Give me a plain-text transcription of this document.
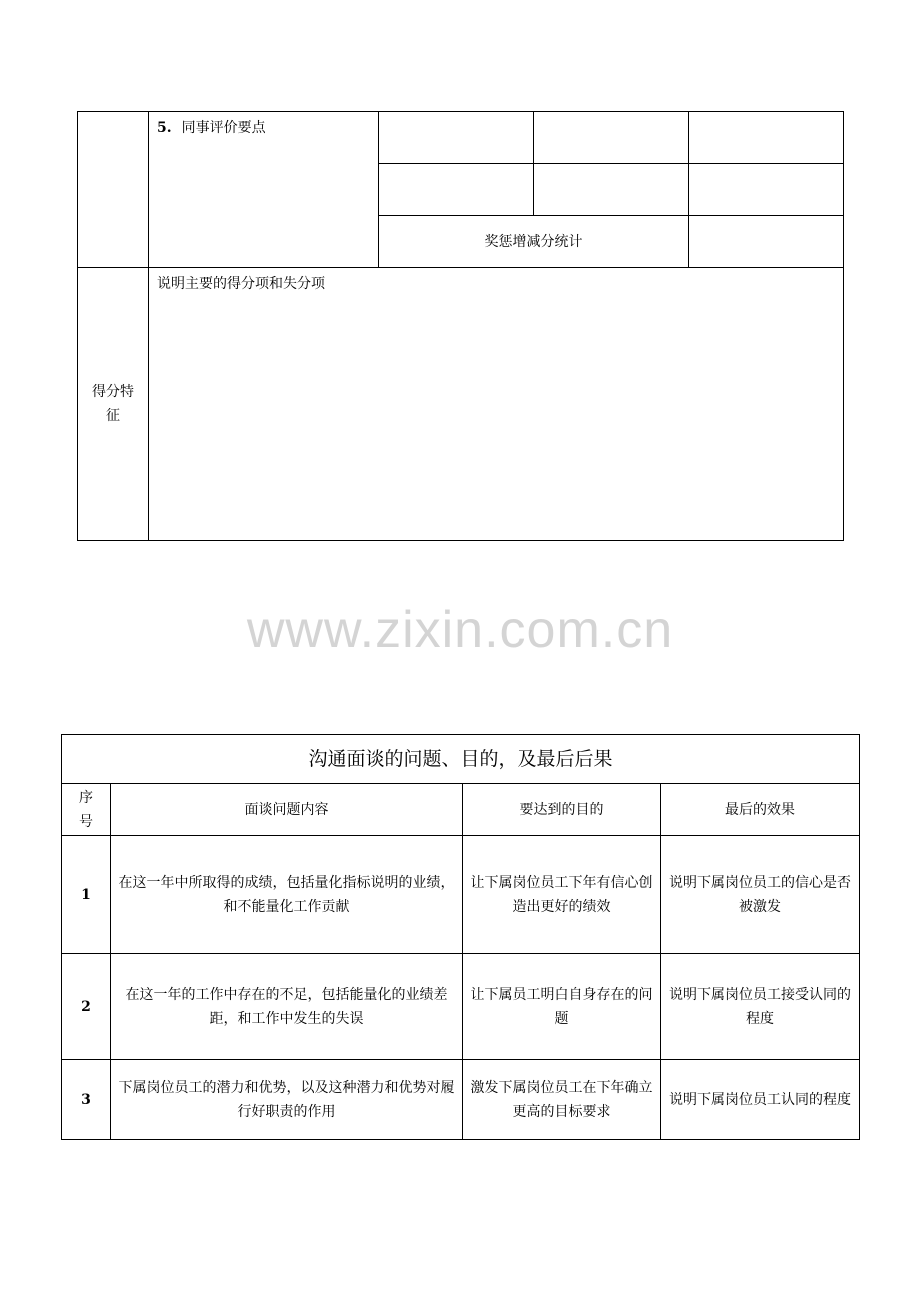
	5. 同事评价要点			

		奖惩增减分统计		

得分特征	说明主要的得分项和失分项			
www.zixin.com.cn
沟通面谈的问题、目的，及最后后果			

序号	面谈问题内容	要达到的目的	最后的效果
1	在这一年中所取得的成绩，包括量化指标说明的业绩，和不能量化工作贡献	让下属岗位员工下年有信心创造出更好的绩效	说明下属岗位员工的信心是否被激发

2	在这一年的工作中存在的不足，包括能量化的业绩差距，和工作中发生的失误	让下属员工明白自身存在的问题	说明下属岗位员工接受认同的程度

3	下属岗位员工的潜力和优势，以及这种潜力和优势对履行好职责的作用	激发下属岗位员工在下年确立更高的目标要求	说明下属岗位员工认同的程度
